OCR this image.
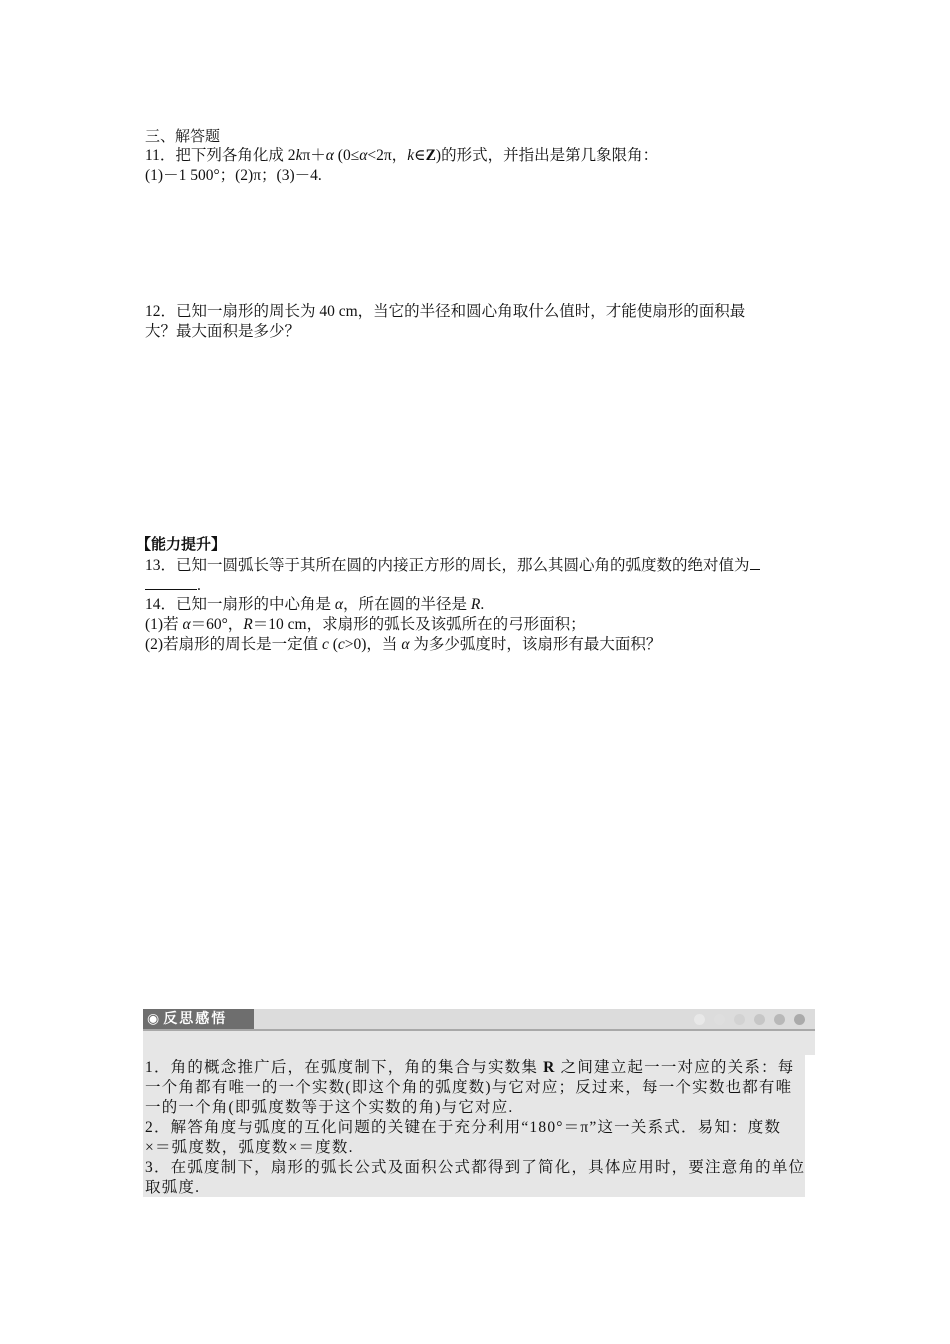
三、解答题
11．把下列各角化成 2kπ＋α (0≤α<2π，k∈Z)的形式，并指出是第几象限角：
(1)－1 500°；(2)π；(3)－4.
12．已知一扇形的周长为 40 cm，当它的半径和圆心角取什么值时，才能使扇形的面积最
大？最大面积是多少？
【能力提升】
13．已知一圆弧长等于其所在圆的内接正方形的周长，那么其圆心角的弧度数的绝对值为
.
14．已知一扇形的中心角是 α，所在圆的半径是 R.
(1)若 α＝60°，R＝10 cm，求扇形的弧长及该弧所在的弓形面积；
(2)若扇形的周长是一定值 c (c>0)，当 α 为多少弧度时，该扇形有最大面积？
◉ 反思感悟
1．角的概念推广后，在弧度制下，角的集合与实数集 R 之间建立起一一对应的关系：每
一个角都有唯一的一个实数(即这个角的弧度数)与它对应；反过来，每一个实数也都有唯
一的一个角(即弧度数等于这个实数的角)与它对应.
2．解答角度与弧度的互化问题的关键在于充分利用“180°＝π”这一关系式．易知：度数
×＝弧度数，弧度数×＝度数.
3．在弧度制下，扇形的弧长公式及面积公式都得到了简化，具体应用时，要注意角的单位
取弧度.
